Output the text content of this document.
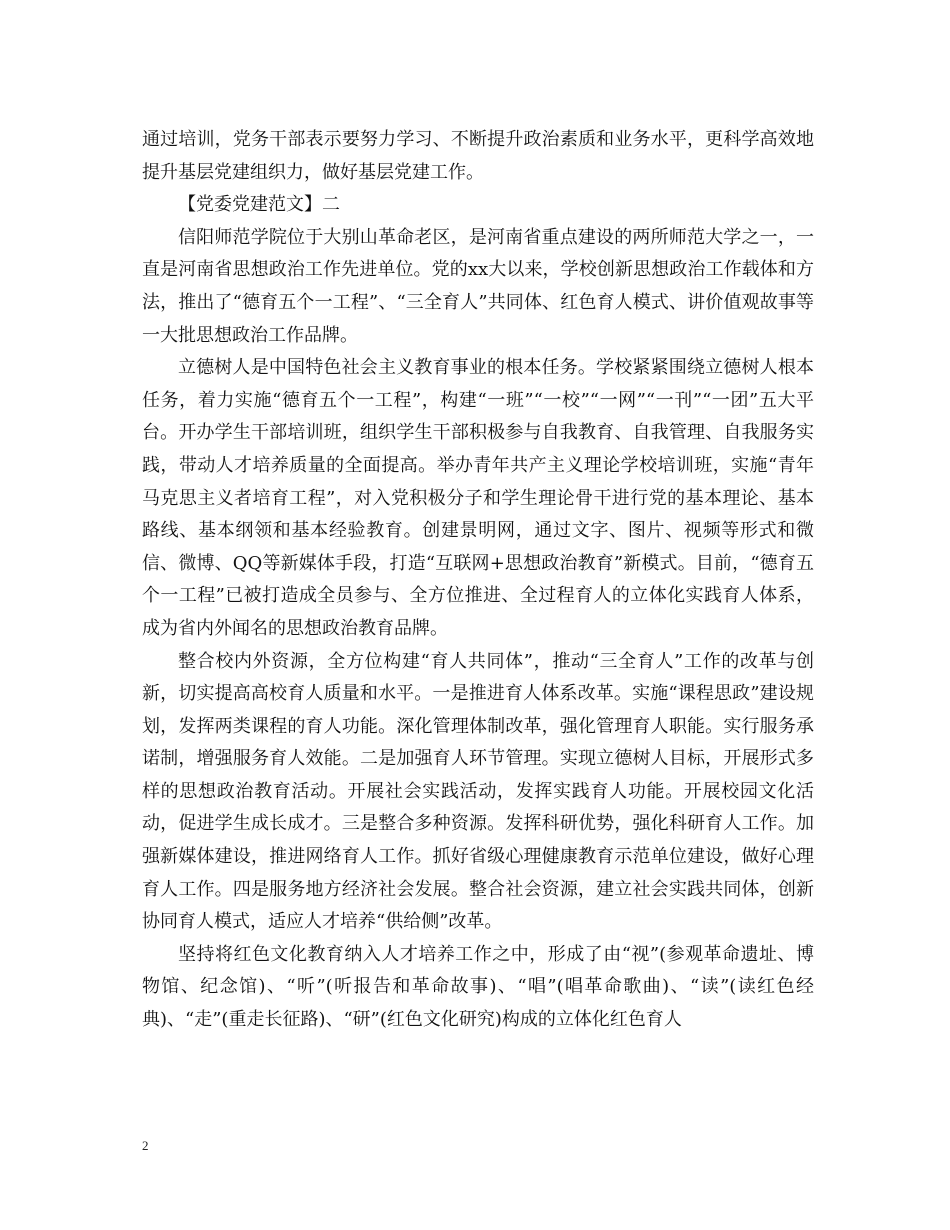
通过培训，党务干部表示要努力学习、不断提升政治素质和业务水平，更科学高效地提升基层党建组织力，做好基层党建工作。

【党委党建范文】二

信阳师范学院位于大别山革命老区，是河南省重点建设的两所师范大学之一，一直是河南省思想政治工作先进单位。党的xx大以来，学校创新思想政治工作载体和方法，推出了“德育五个一工程”、“三全育人”共同体、红色育人模式、讲价值观故事等一大批思想政治工作品牌。

立德树人是中国特色社会主义教育事业的根本任务。学校紧紧围绕立德树人根本任务，着力实施“德育五个一工程”，构建“一班”“一校”“一网”“一刊”“一团”五大平台。开办学生干部培训班，组织学生干部积极参与自我教育、自我管理、自我服务实践，带动人才培养质量的全面提高。举办青年共产主义理论学校培训班，实施“青年马克思主义者培育工程”，对入党积极分子和学生理论骨干进行党的基本理论、基本路线、基本纲领和基本经验教育。创建景明网，通过文字、图片、视频等形式和微信、微博、QQ等新媒体手段，打造“互联网+思想政治教育”新模式。目前，“德育五个一工程”已被打造成全员参与、全方位推进、全过程育人的立体化实践育人体系，成为省内外闻名的思想政治教育品牌。

整合校内外资源，全方位构建“育人共同体”，推动“三全育人”工作的改革与创新，切实提高高校育人质量和水平。一是推进育人体系改革。实施“课程思政”建设规划，发挥两类课程的育人功能。深化管理体制改革，强化管理育人职能。实行服务承诺制，增强服务育人效能。二是加强育人环节管理。实现立德树人目标，开展形式多样的思想政治教育活动。开展社会实践活动，发挥实践育人功能。开展校园文化活动，促进学生成长成才。三是整合多种资源。发挥科研优势，强化科研育人工作。加强新媒体建设，推进网络育人工作。抓好省级心理健康教育示范单位建设，做好心理育人工作。四是服务地方经济社会发展。整合社会资源，建立社会实践共同体，创新协同育人模式，适应人才培养“供给侧”改革。

坚持将红色文化教育纳入人才培养工作之中，形成了由“视”(参观革命遗址、博物馆、纪念馆)、“听”(听报告和革命故事)、“唱”(唱革命歌曲)、“读”(读红色经典)、“走”(重走长征路)、“研”(红色文化研究)构成的立体化红色育人

2
